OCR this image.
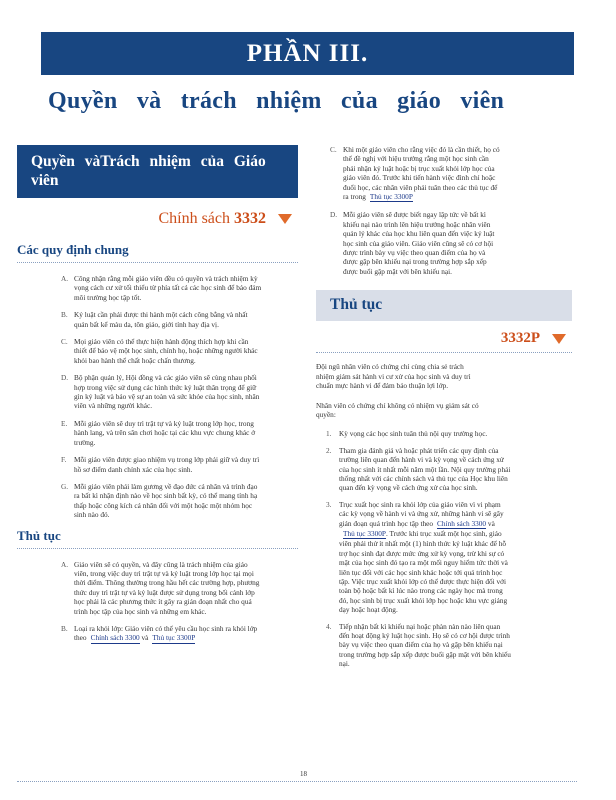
PHẦN III.
Quyền và trách nhiệm của giáo viên
Quyền vàTrách nhiệm của Giáo viên
Chính sách 3332
Các quy định chung
A. Công nhận rằng mỗi giáo viên đều có quyền và trách nhiệm kỳ vọng cách cư xử tối thiểu từ phía tất cả các học sinh để bảo đảm môi trường học tập tốt.
B. Kỷ luật cần phải được thi hành một cách công bằng và nhất quán bất kể màu da, tôn giáo, giới tính hay địa vị.
C. Mọi giáo viên có thể thực hiện hành động thích hợp khi cần thiết để bảo vệ một học sinh, chính họ, hoặc những người khác khỏi bao hành thể chất hoặc chấn thương.
D. Bộ phận quản lý, Hội đồng và các giáo viên sẽ cùng nhau phối hợp trong việc sử dụng các hình thức kỷ luật thân trọng để giữ gìn kỷ luật và bảo vệ sự an toàn và sức khỏe của học sinh, nhân viên và những người khác.
E. Mỗi giáo viên sẽ duy trì trật tự và kỷ luật trong lớp học, trong hành lang, và trên sân chơi hoặc tại các khu vực chung khác ở trường.
F.	Mỗi giáo viên được giao nhiệm vụ trong lớp phải giữ và duy trì hồ sơ điểm danh chính xác của học sinh.
G. Mỗi giáo viên phải làm gương về đạo đức cá nhân và trình đạo ra bất kì nhận định nào về học sinh bất kỳ, có thể mang tính hạ thấp hoặc công kích cá nhân đối với một hoặc một nhóm học sinh nào đó.
Thủ tục
A. Giáo viên sẽ có quyền, và đây cũng là trách nhiệm của giáo viên, trong việc duy trì trật tự và kỷ luật trong lớp học tại mọi thời điểm. Thông thường trong hầu hết các trường hợp, phương thức duy trì trật tự và kỷ luật được sử dụng trong bối cảnh lớp học phải là các phương thức ít gây ra gián đoạn nhất cho quá trình học tập của học sinh và những em khác.
B. Loại ra khỏi lớp: Giáo viên có thể yêu cầu học sinh ra khỏi lớp theo Chính sách 3300 và Thủ tục 3300P
C. Khi một giáo viên cho rằng việc đó là cần thiết, họ có thể đề nghị với hiệu trưởng rằng một học sinh cần phải nhận kỷ luật hoặc bị trục xuất khỏi lớp học của giáo viên đó. Trước khi tiến hành việc đình chỉ hoặc đuổi học, các nhân viên phải tuân theo các thủ tục để ra trong Thủ tục 3300P
D. Mỗi giáo viên sẽ được biết ngay lập tức về bất kì khiếu nại nào trình lên hiệu trưởng hoặc nhân viên quản lý khác của học khu liên quan đến việc kỷ luật học sinh của giáo viên. Giáo viên cũng sẽ có cơ hội được trình bày vụ việc theo quan điểm của họ và được gặp bên khiếu nại trong trường hợp sắp xếp được buổi gặp mặt với bên khiếu nại.
Thủ tục
3332P
Đội ngũ nhân viên có chứng chỉ cùng chia sẻ trách nhiệm giám sát hành vi cư xử của học sinh và duy trì chuẩn mực hành vi để đảm bảo thuận lợi lớp.
Nhân viên có chứng chỉ không có nhiệm vụ giám sát có quyền:
1.	Kỳ vọng các học sinh tuân thủ nội quy trường học.
2.	Tham gia đánh giá và hoặc phát triển các quy định của trường liên quan đến hành vi và kỳ vọng về cách ứng xử của học sinh ít nhất mỗi năm một lần. Nội quy trường phải thống nhất với các chính sách và thủ tục của Học khu liên quan đến kỳ vọng về cách ứng xử của học sinh.
3.	Trục xuất học sinh ra khỏi lớp của giáo viên vì vi phạm các kỳ vọng về hành vi và ứng xử, những hành vi sẽ gây gián đoạn quá trình học tập theo Chính sách 3300 vàThủ tục 3300P. Trước khi trục xuất một học sinh, giáo viên phải thử ít nhất một (1) hình thức kỷ luật khác để hỗ trợ học sinh đạt được mức ứng xử kỳ vọng, trừ khi sự có mặt của học sinh đó tạo ra một mối nguy hiểm tức thời và liên tục đối với các học sinh khác hoặc tới quá trình học tập. Việc trục xuất khỏi lớp có thể được thực hiện đối với toàn bộ hoặc bất kì lúc nào trong các ngày học mà trong đó, học sinh bị trục xuất khỏi lớp học hoặc khu vực giảng dạy hoặc hoạt động.
4.	Tiếp nhận bất kì khiếu nại hoặc phàn nàn nào liên quan đến hoạt động kỷ luật học sinh. Họ sẽ có cơ hội được trình bày vụ việc theo quan điểm của họ và gặp bên khiếu nại trong trường hợp sắp xếp được buổi gặp mặt với bên khiếu nại.
18
